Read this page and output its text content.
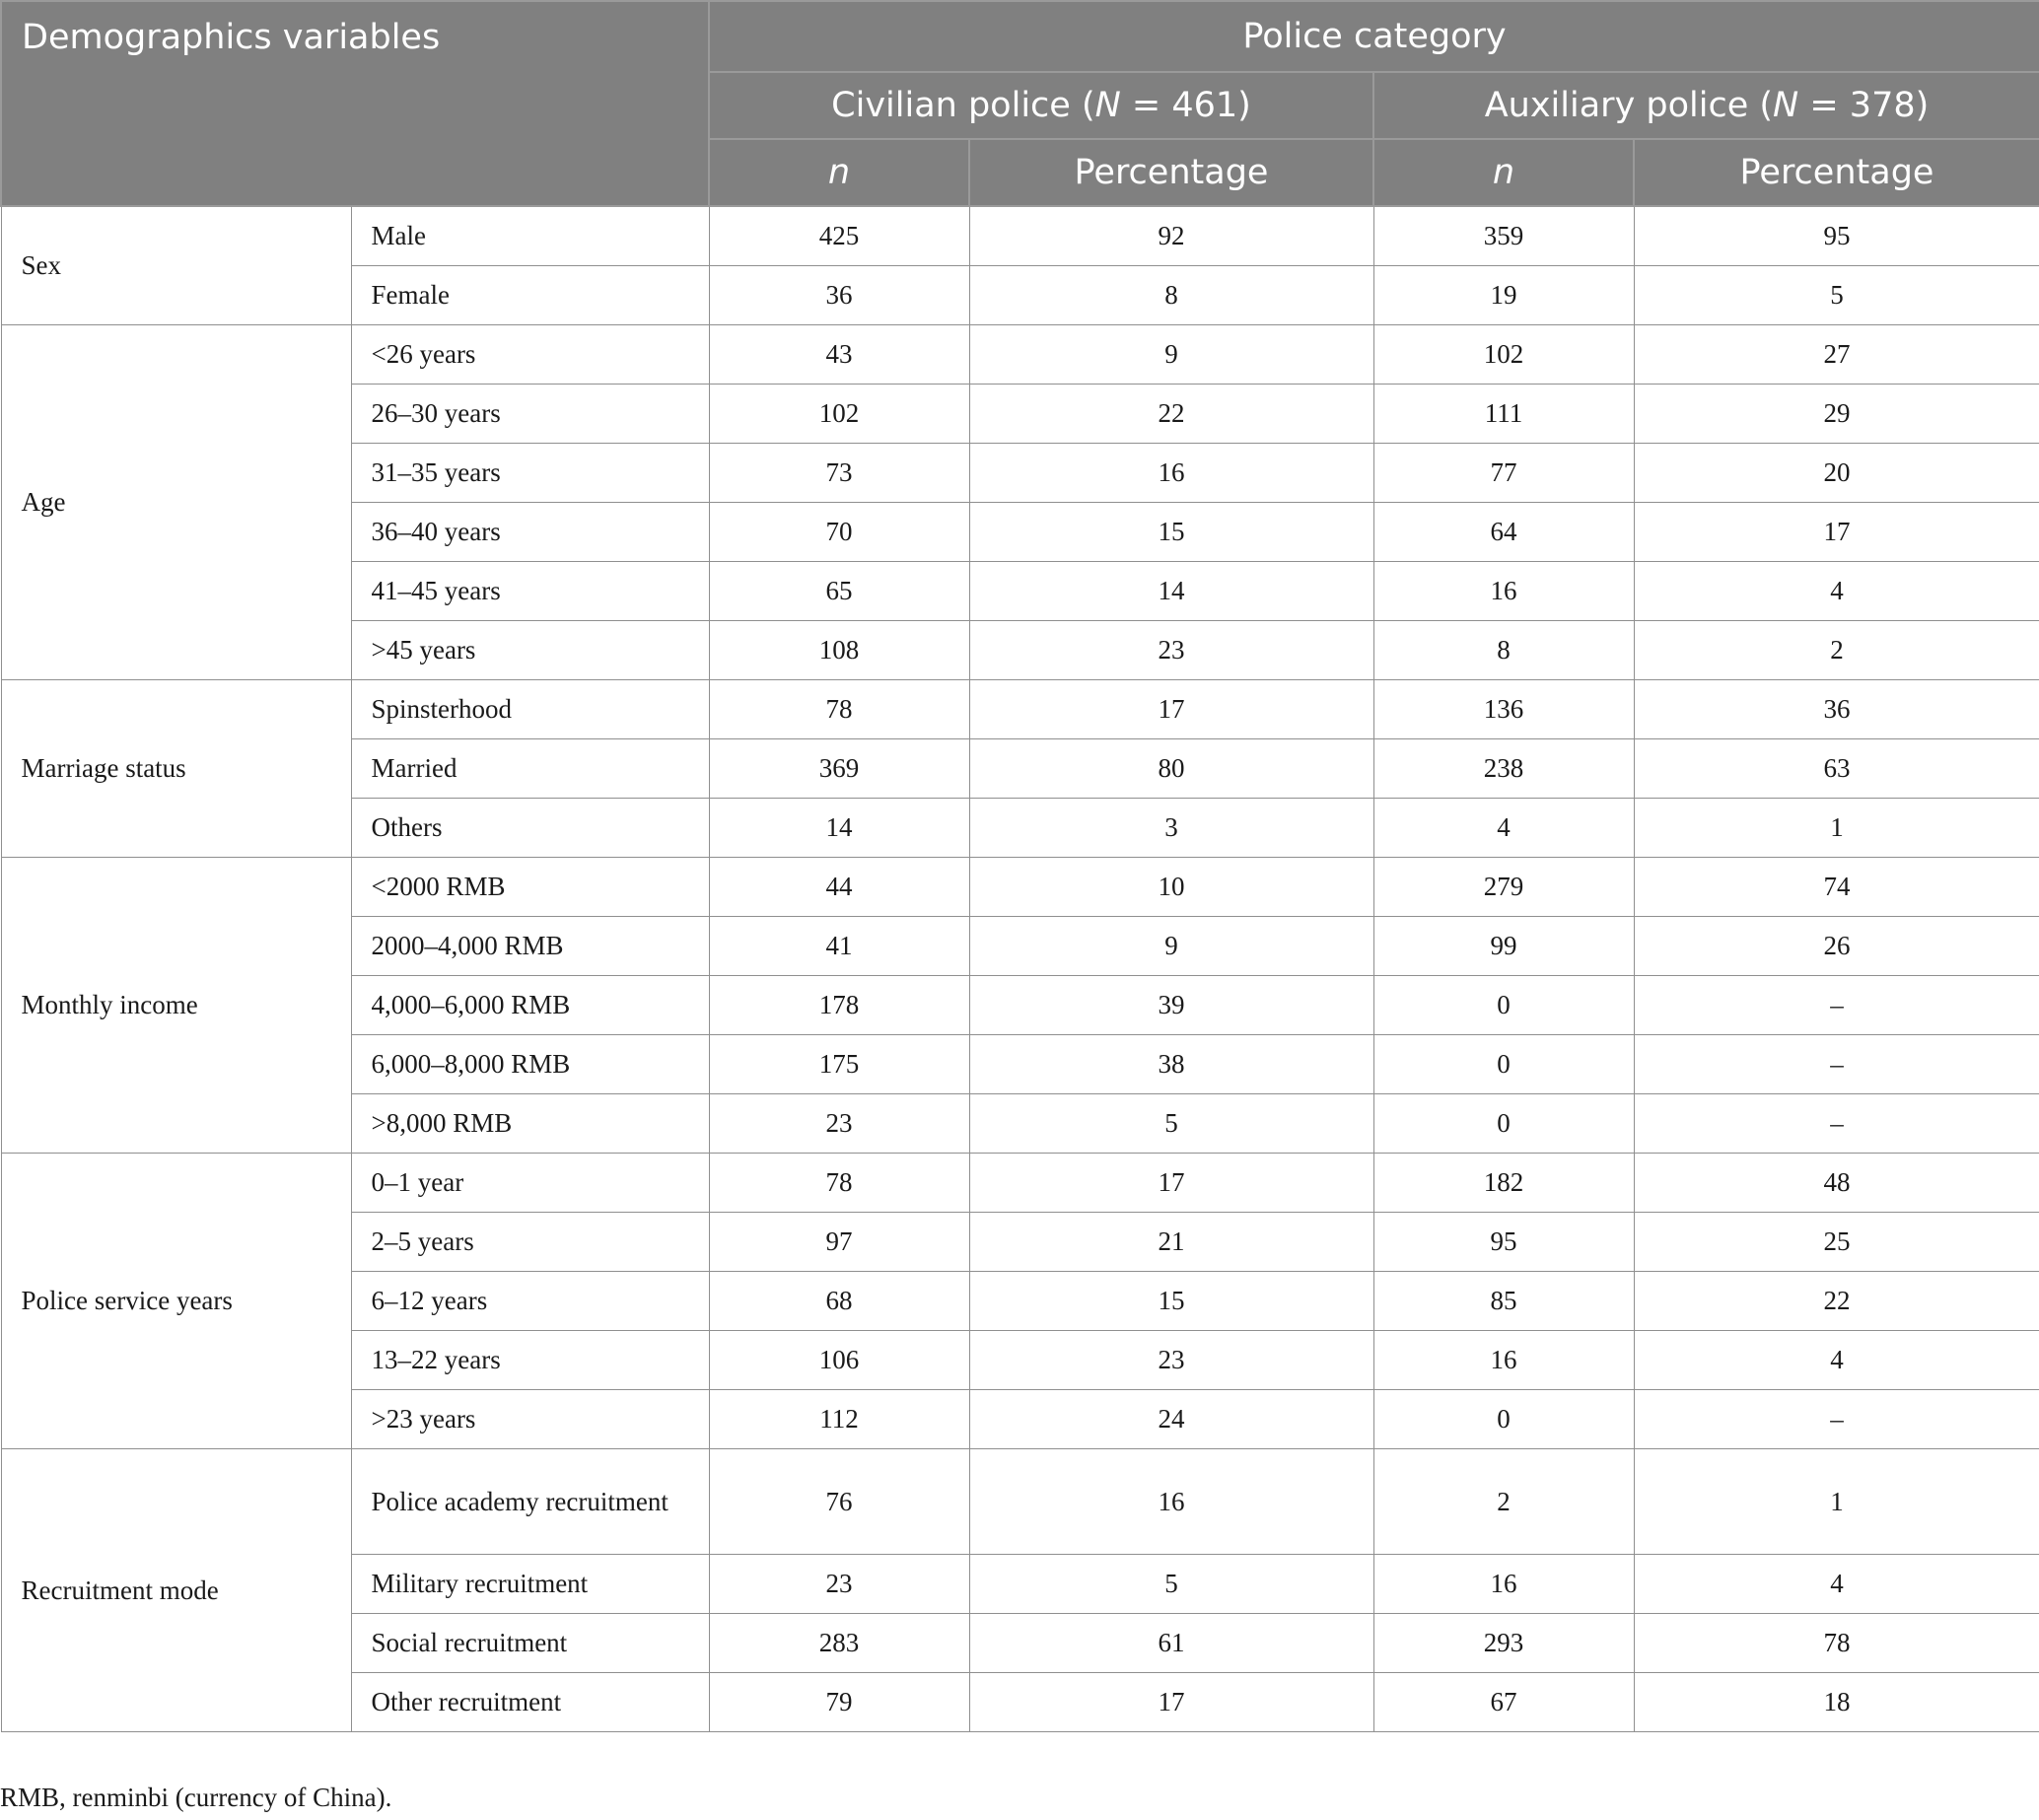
Demographics variables		Police category			
		Civilian police (N = 461)		Auxiliary police (N = 378)	
		n	Percentage	n	Percentage
Sex	Male	425	92	359	95
	Female	36	8	19	5
Age	<26 years	43	9	102	27
	26–30 years	102	22	111	29
	31–35 years	73	16	77	20
	36–40 years	70	15	64	17
	41–45 years	65	14	16	4
	>45 years	108	23	8	2
Marriage status	Spinsterhood	78	17	136	36
	Married	369	80	238	63
	Others	14	3	4	1
Monthly income	<2000 RMB	44	10	279	74
	2000–4,000 RMB	41	9	99	26
	4,000–6,000 RMB	178	39	0	–
	6,000–8,000 RMB	175	38	0	–
	>8,000 RMB	23	5	0	–
Police service years	0–1 year	78	17	182	48
	2–5 years	97	21	95	25
	6–12 years	68	15	85	22
	13–22 years	106	23	16	4
	>23 years	112	24	0	–
Recruitment mode	Police academy recruitment	76	16	2	1
	Military recruitment	23	5	16	4
	Social recruitment	283	61	293	78
	Other recruitment	79	17	67	18
RMB, renminbi (currency of China).
